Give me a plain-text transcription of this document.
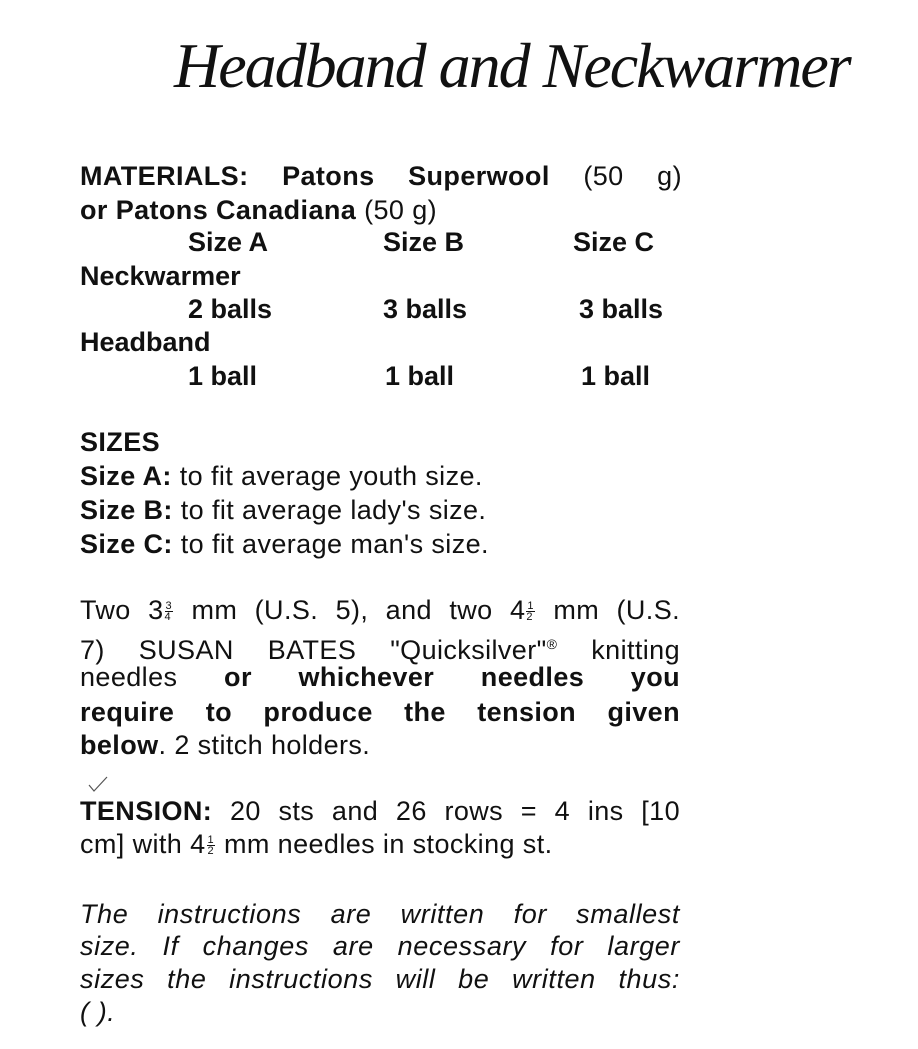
Headband and Neckwarmer
MATERIALS: Patons Superwool (50 g)
or Patons Canadiana (50 g)
Size A	Size B	Size C
Neckwarmer
2 balls	3 balls	3 balls
Headband
1 ball	1 ball	1 ball
SIZES
Size A: to fit average youth size.
Size B: to fit average lady's size.
Size C: to fit average man's size.
Two $3 \frac{3}{4}$ mm (U.S. 5), and two $4 \frac{1}{2}$ mm (U.S.
7) SUSAN BATES "Quicksilver"® knitting
needles or whichever needles you
require to produce the tension given
below. 2 stitch holders.
TENSION: 20 sts and 26 rows = 4 ins [10
cm] with $4 \frac{1}{2}$ mm needles in stocking st.
The instructions are written for smallest
size. If changes are necessary for larger
sizes the instructions will be written thus:
( ).
